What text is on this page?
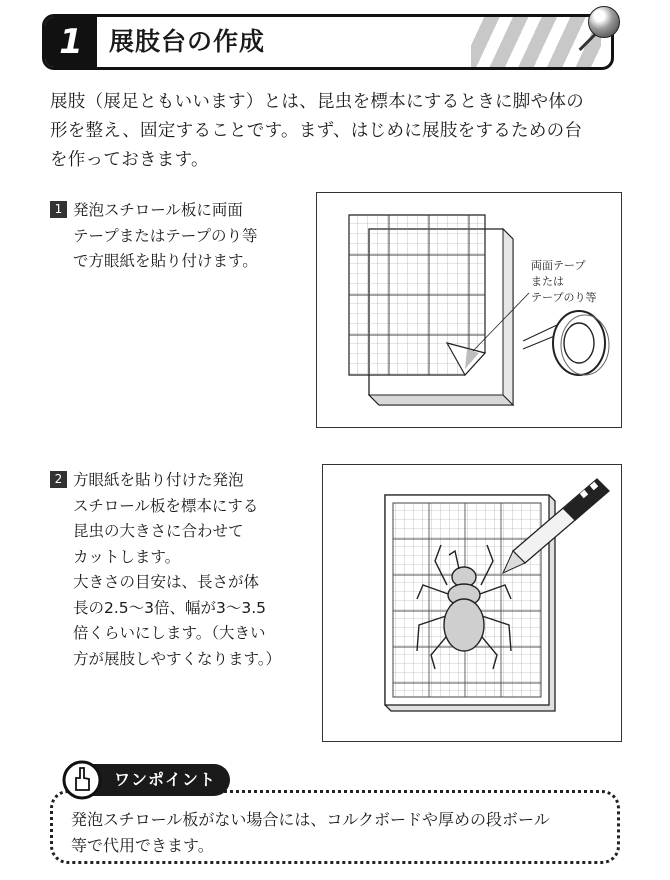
1	展肢台の作成

展肢（展足ともいいます）とは、昆虫を標本にするときに脚や体の
形を整え、固定することです。まず、はじめに展肢をするための台
を作っておきます。

1 発泡スチロール板に両面
テープまたはテープのり等
で方眼紙を貼り付けます。	両面テープ
または
テープのり等
2 方眼紙を貼り付けた発泡
スチロール板を標本にする
昆虫の大きさに合わせて
カットします。
大きさの目安は、長さが体
長の2.5～3倍、幅が3～3.5
倍くらいにします。（大きい
方が展肢しやすくなります。）
ワンポイント
発泡スチロール板がない場合には、コルクボードや厚めの段ボール
等で代用できます。
